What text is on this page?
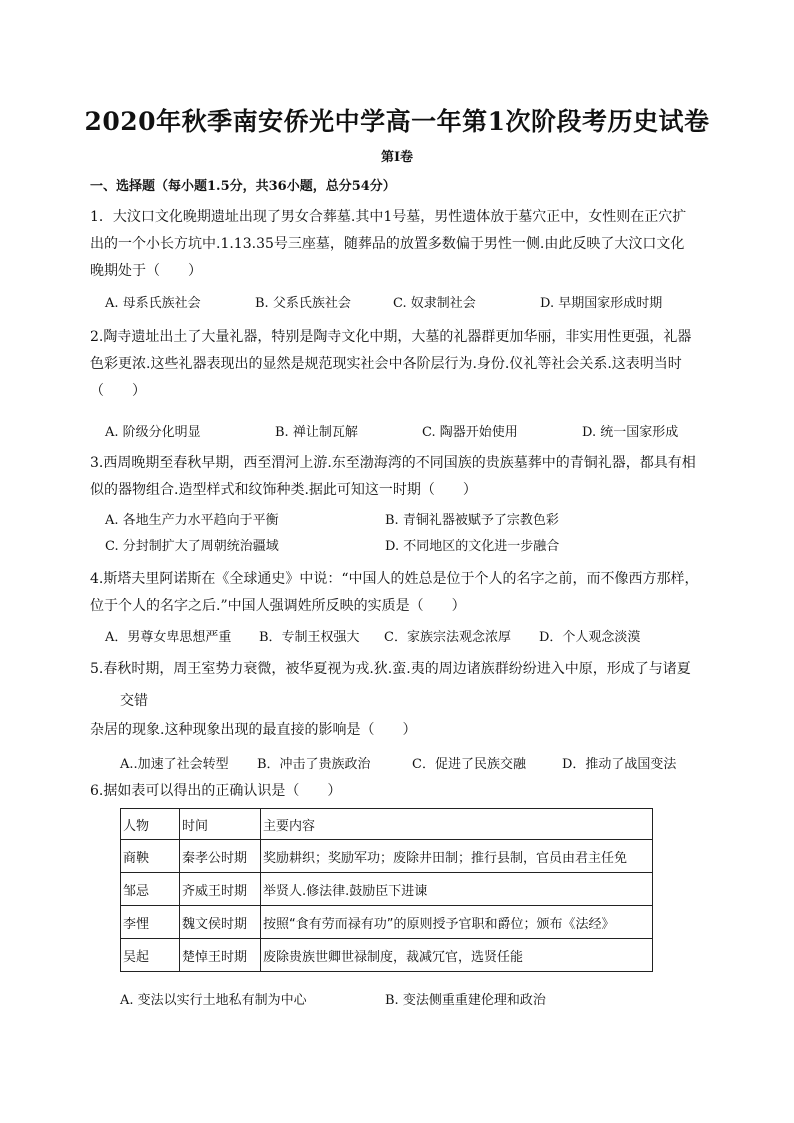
2020年秋季南安侨光中学高一年第1次阶段考历史试卷
第Ⅰ卷
一、选择题（每小题1.5分，共36小题，总分54分）
1．大汶口文化晚期遗址出现了男女合葬墓.其中1号墓，男性遗体放于墓穴正中，女性则在正穴扩
出的一个小长方坑中.1.13.35号三座墓，随葬品的放置多数偏于男性一侧.由此反映了大汶口文化
晚期处于（　　）
A. 母系氏族社会	B. 父系氏族社会	C. 奴隶制社会	D. 早期国家形成时期
2.陶寺遗址出土了大量礼器，特别是陶寺文化中期，大墓的礼器群更加华丽，非实用性更强，礼器
色彩更浓.这些礼器表现出的显然是规范现实社会中各阶层行为.身份.仪礼等社会关系.这表明当时
（　　）
A. 阶级分化明显	B. 禅让制瓦解	C. 陶器开始使用	D. 统一国家形成
3.西周晚期至春秋早期，西至渭河上游.东至渤海湾的不同国族的贵族墓葬中的青铜礼器，都具有相
似的器物组合.造型样式和纹饰种类.据此可知这一时期（　　）
A. 各地生产力水平趋向于平衡	B. 青铜礼器被赋予了宗教色彩
C. 分封制扩大了周朝统治疆域	D. 不同地区的文化进一步融合
4.斯塔夫里阿诺斯在《全球通史》中说：“中国人的姓总是位于个人的名字之前，而不像西方那样，
位于个人的名字之后.”中国人强调姓所反映的实质是（　　）
A．男尊女卑思想严重 B．专制王权强大 C．家族宗法观念浓厚 D．个人观念淡漠
5.春秋时期，周王室势力衰微，被华夏视为戎.狄.蛮.夷的周边诸族群纷纷进入中原，形成了与诸夏
交错
杂居的现象.这种现象出现的最直接的影响是（　　）
A..加速了社会转型 B．冲击了贵族政治	C．促进了民族交融	D．推动了战国变法
6.据如表可以得出的正确认识是（　　）
人物	时间	主要内容
商鞅	秦孝公时期	奖励耕织；奖励军功；废除井田制；推行县制，官员由君主任免
邹忌	齐威王时期	举贤人.修法律.鼓励臣下进谏
李悝	魏文侯时期	按照“食有劳而禄有功”的原则授予官职和爵位；颁布《法经》
吴起	楚悼王时期	废除贵族世卿世禄制度，裁减冗官，选贤任能
A. 变法以实行土地私有制为中心	B. 变法侧重重建伦理和政治
